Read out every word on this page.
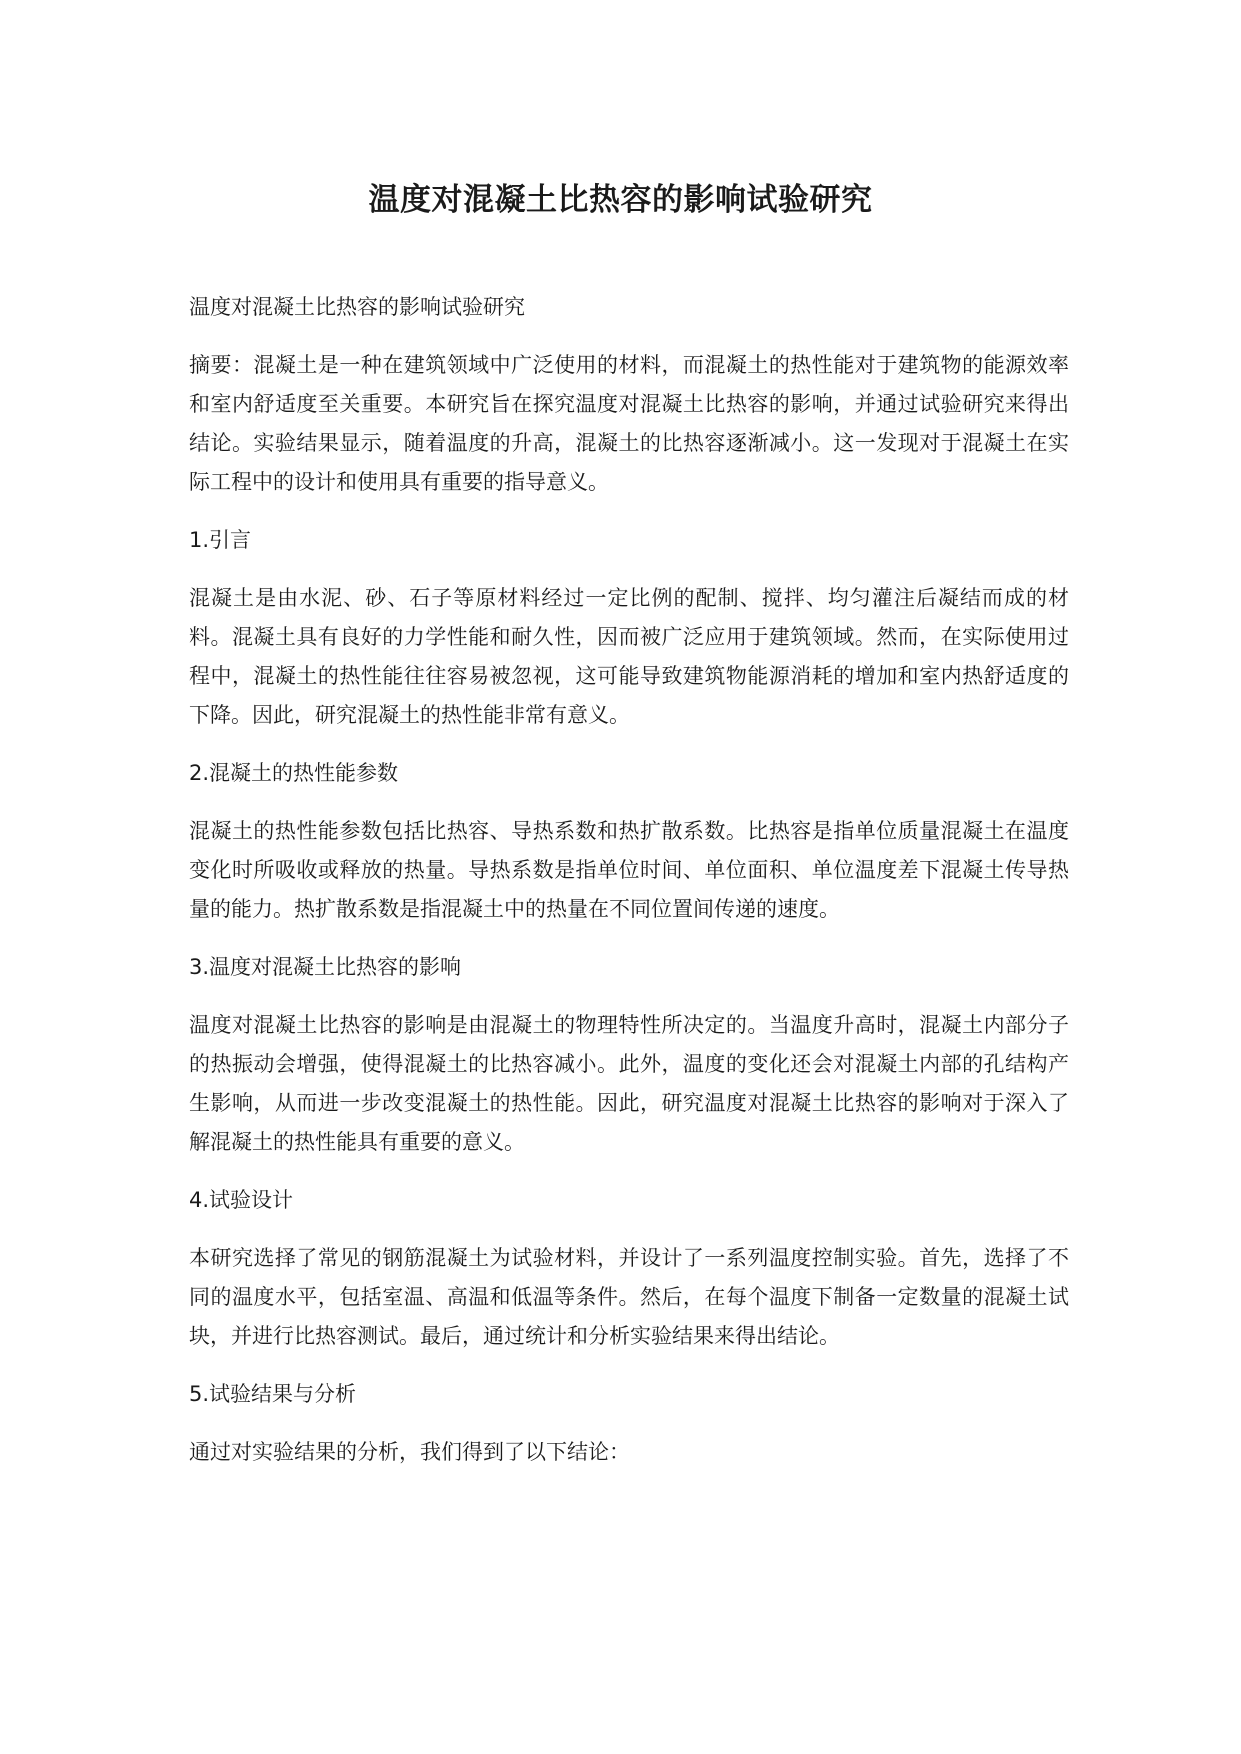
温度对混凝土比热容的影响试验研究

温度对混凝土比热容的影响试验研究

摘要：混凝土是一种在建筑领域中广泛使用的材料，而混凝土的热性能对于建筑物的能源效率和室内舒适度至关重要。本研究旨在探究温度对混凝土比热容的影响，并通过试验研究来得出结论。实验结果显示，随着温度的升高，混凝土的比热容逐渐减小。这一发现对于混凝土在实际工程中的设计和使用具有重要的指导意义。

1.引言

混凝土是由水泥、砂、石子等原材料经过一定比例的配制、搅拌、均匀灌注后凝结而成的材料。混凝土具有良好的力学性能和耐久性，因而被广泛应用于建筑领域。然而，在实际使用过程中，混凝土的热性能往往容易被忽视，这可能导致建筑物能源消耗的增加和室内热舒适度的下降。因此，研究混凝土的热性能非常有意义。

2.混凝土的热性能参数

混凝土的热性能参数包括比热容、导热系数和热扩散系数。比热容是指单位质量混凝土在温度变化时所吸收或释放的热量。导热系数是指单位时间、单位面积、单位温度差下混凝土传导热量的能力。热扩散系数是指混凝土中的热量在不同位置间传递的速度。

3.温度对混凝土比热容的影响

温度对混凝土比热容的影响是由混凝土的物理特性所决定的。当温度升高时，混凝土内部分子的热振动会增强，使得混凝土的比热容减小。此外，温度的变化还会对混凝土内部的孔结构产生影响，从而进一步改变混凝土的热性能。因此，研究温度对混凝土比热容的影响对于深入了解混凝土的热性能具有重要的意义。

4.试验设计

本研究选择了常见的钢筋混凝土为试验材料，并设计了一系列温度控制实验。首先，选择了不同的温度水平，包括室温、高温和低温等条件。然后，在每个温度下制备一定数量的混凝土试块，并进行比热容测试。最后，通过统计和分析实验结果来得出结论。

5.试验结果与分析

通过对实验结果的分析，我们得到了以下结论：
